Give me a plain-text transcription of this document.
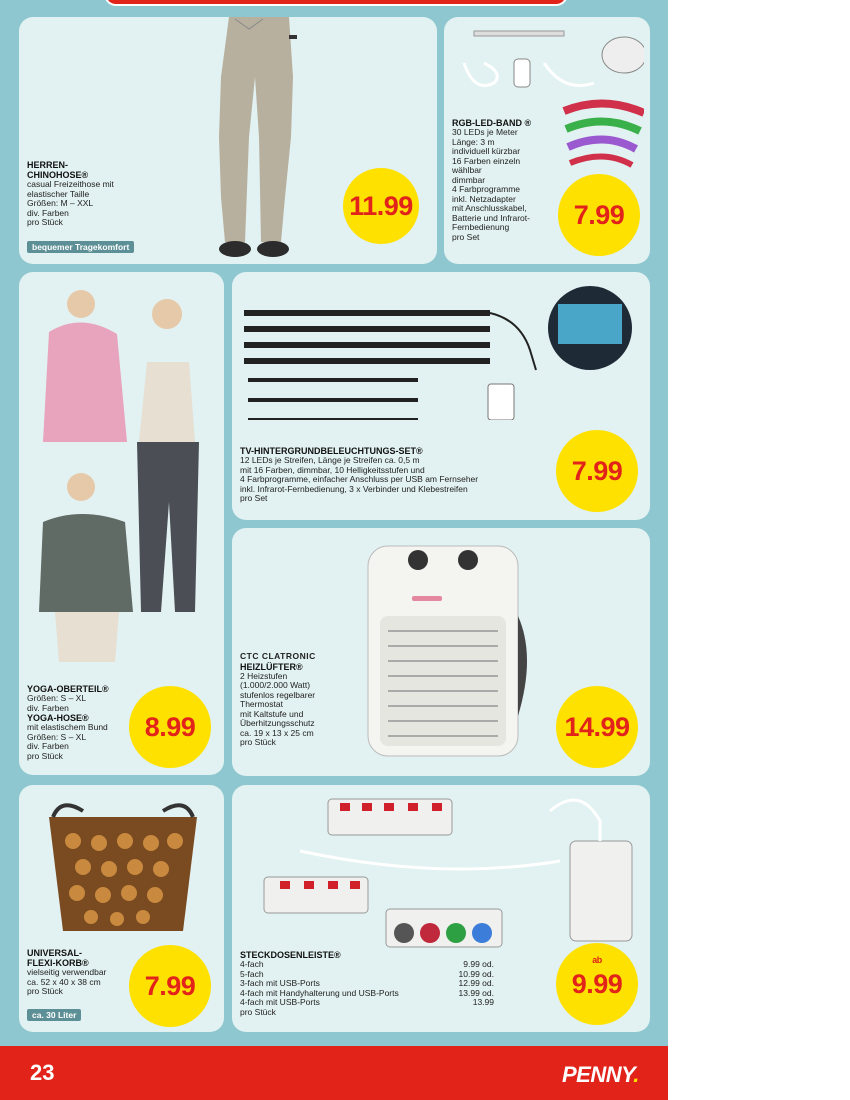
HERREN-

CHINOHOSE®

casual Freizeithose mit

elastischer Taille

Größen: M – XXL

div. Farben

pro Stück

bequemer Tragekomfort
11.99

RGB-LED-BAND ®

30 LEDs je Meter

Länge: 3 m

individuell kürzbar

16 Farben einzeln

wählbar

dimmbar

4 Farbprogramme

inkl. Netzadapter

mit Anschlusskabel,

Batterie und Infrarot-

Fernbedienung

pro Set

7.99

YOGA-OBERTEIL®

Größen: S – XL

div. Farben

YOGA-HOSE®

mit elastischem Bund

Größen: S – XL

div. Farben

pro Stück

8.99

TV-HINTERGRUNDBELEUCHTUNGS-SET®

12 LEDs je Streifen, Länge je Streifen ca. 0,5 m

mit 16 Farben, dimmbar, 10 Helligkeitsstufen und

4 Farbprogramme, einfacher Anschluss per USB am Fernseher

inkl. Infrarot-Fernbedienung, 3 x Verbinder und Klebestreifen

pro Set

7.99

CTC CLATRONIC

HEIZLÜFTER®

2 Heizstufen

(1.000/2.000 Watt)

stufenlos regelbarer

Thermostat

mit Kaltstufe und

Überhitzungsschutz

ca. 19 x 13 x 25 cm

pro Stück

14.99

UNIVERSAL-

FLEXI-KORB®

vielseitig verwendbar

ca. 52 x 40 x 38 cm

pro Stück

ca. 30 Liter
7.99

STECKDOSENLEISTE®

4-fach	9.99 od.
5-fach	10.99 od.
3-fach mit USB-Ports	12.99 od.
4-fach mit Handyhalterung und USB-Ports	13.99 od.
4-fach mit USB-Ports	13.99

pro Stück

ab
9.99
23	PENNY.
